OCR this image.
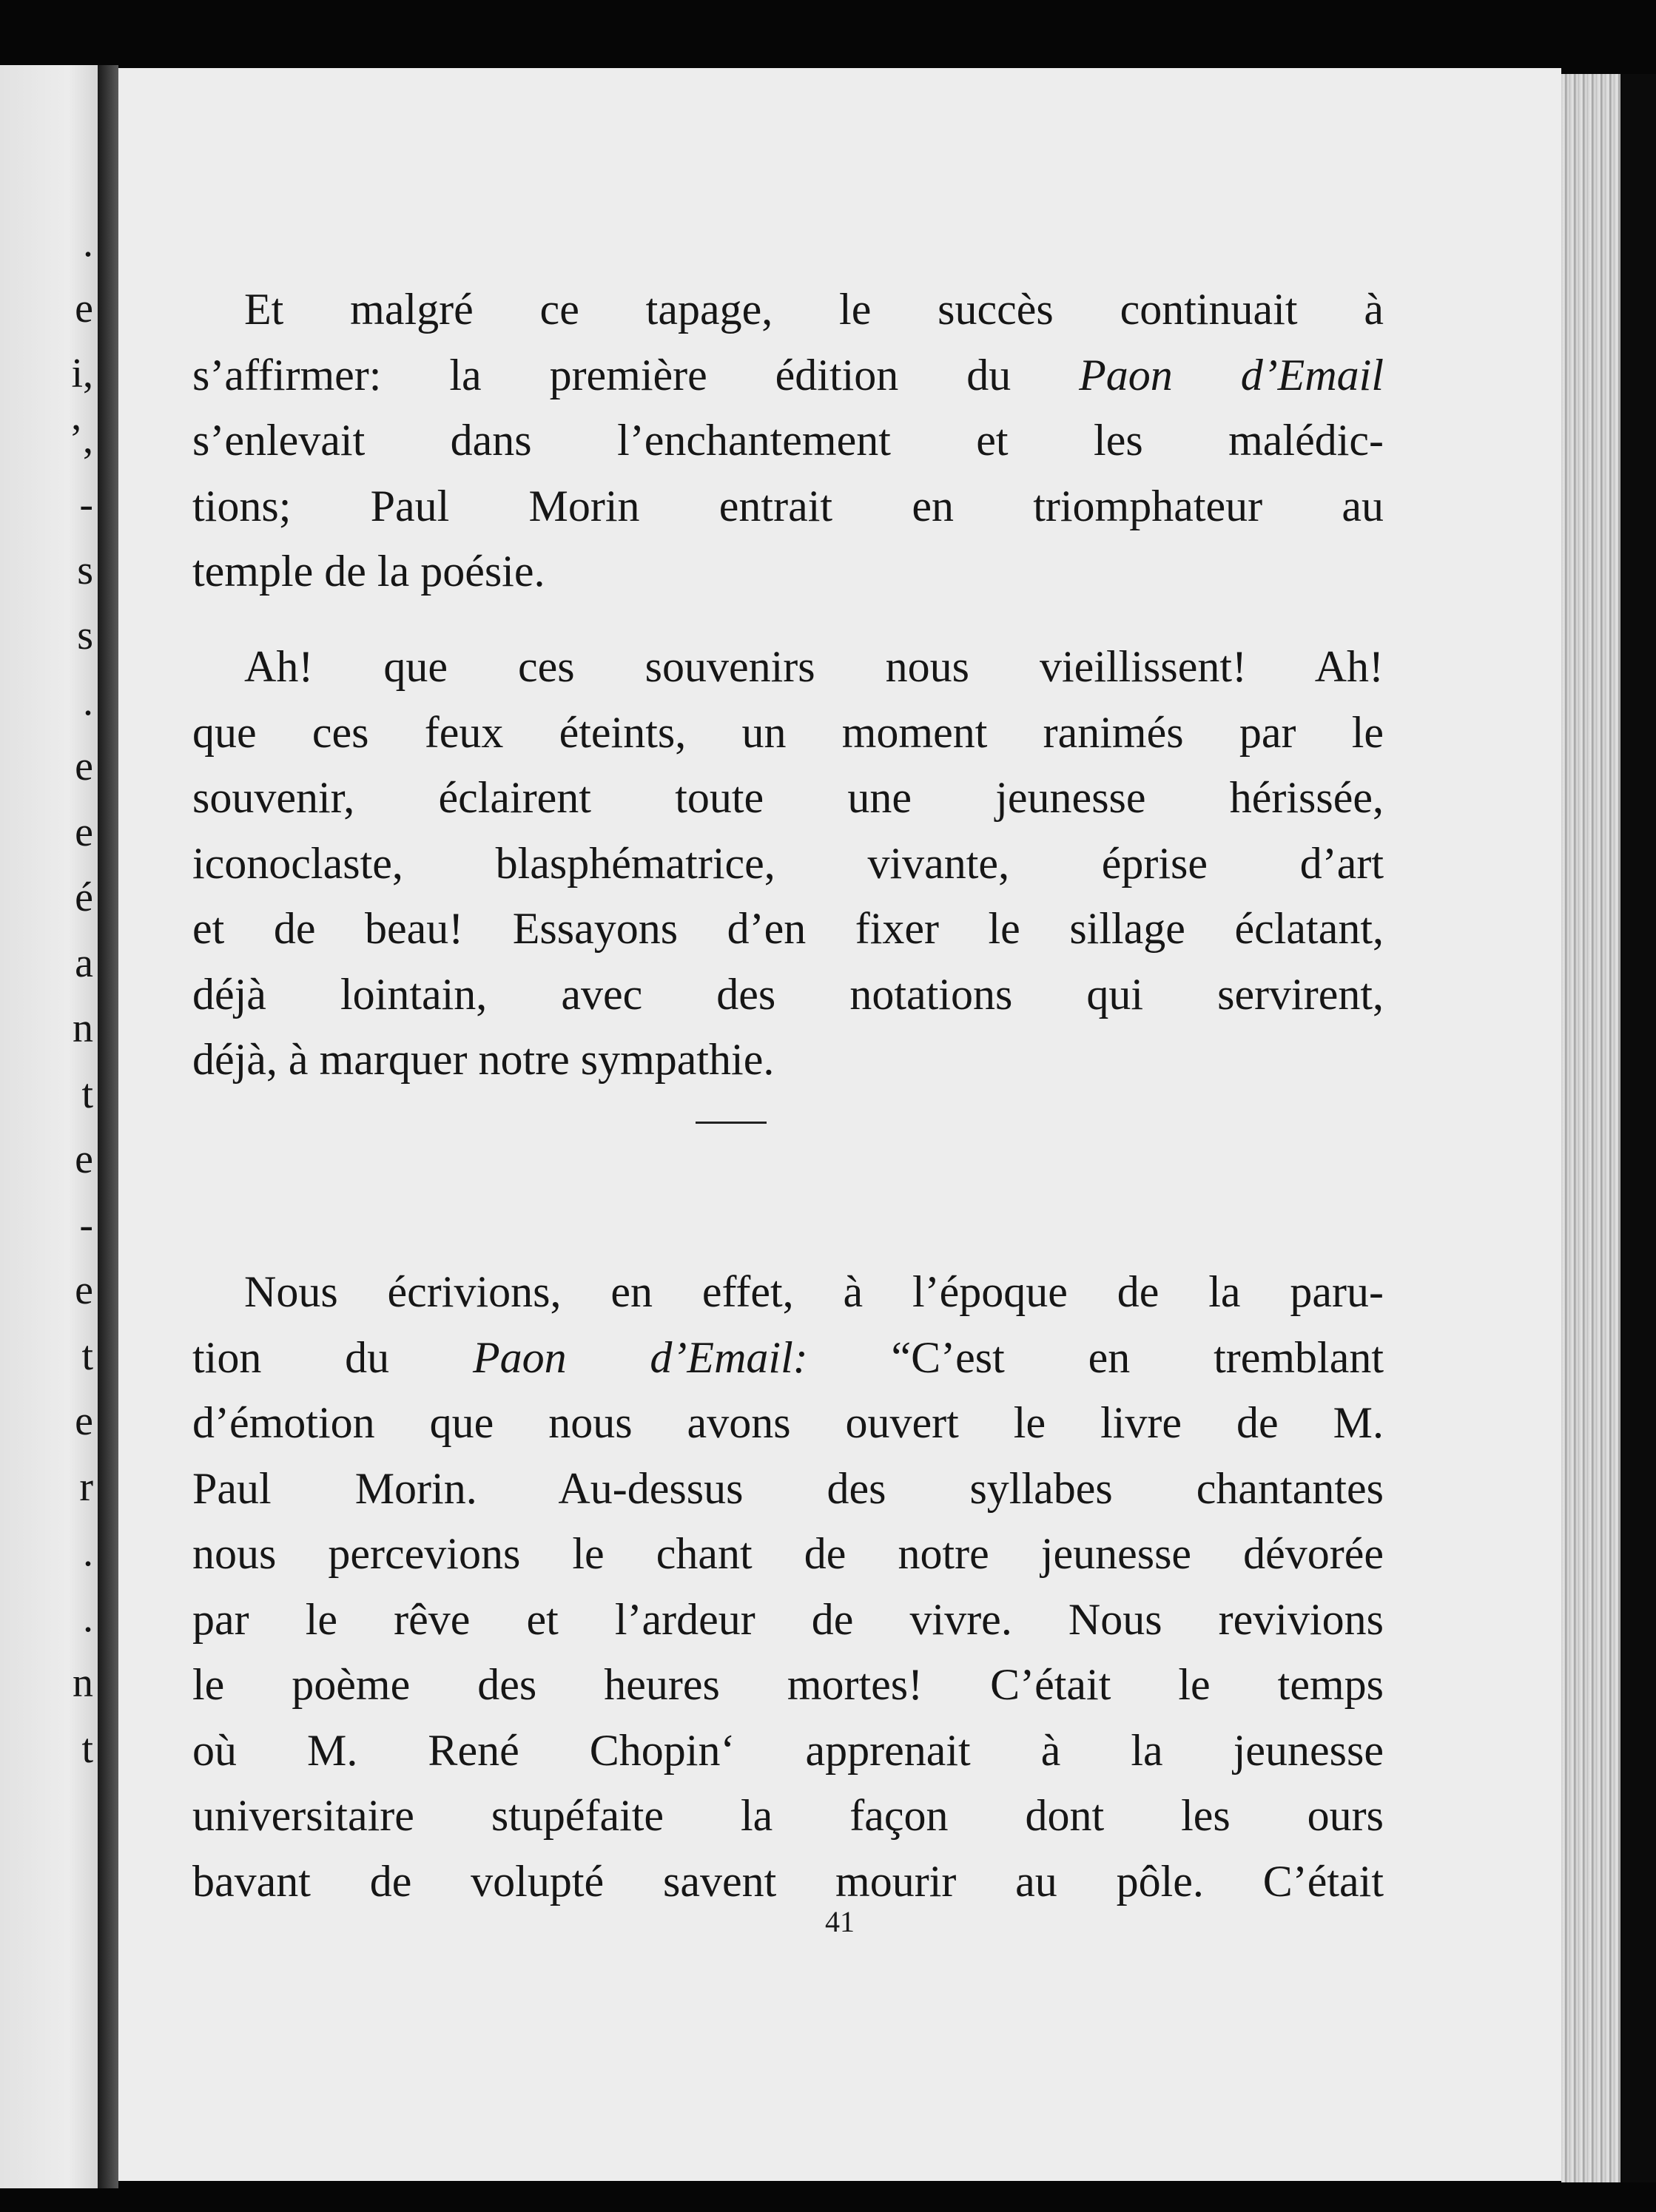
.
e
i,
’,
-
s
s
.
e
e
é
a
n
t
e
-
e
t
e
r
.
.
n
t
Et malgré ce tapage, le succès continuait à
s’affirmer: la première édition du Paon d’Email
s’enlevait dans l’enchantement et les malédic-
tions; Paul Morin entrait en triomphateur au
temple de la poésie.
Ah! que ces souvenirs nous vieillissent! Ah!
que ces feux éteints, un moment ranimés par le
souvenir, éclairent toute une jeunesse hérissée,
iconoclaste, blasphématrice, vivante, éprise d’art
et de beau! Essayons d’en fixer le sillage éclatant,
déjà lointain, avec des notations qui servirent,
déjà, à marquer notre sympathie.
Nous écrivions, en effet, à l’époque de la paru-
tion du Paon d’Email: “C’est en tremblant
d’émotion que nous avons ouvert le livre de M.
Paul Morin. Au-dessus des syllabes chantantes
nous percevions le chant de notre jeunesse dévorée
par le rêve et l’ardeur de vivre. Nous revivions
le poème des heures mortes! C’était le temps
où M. René Chopin‘ apprenait à la jeunesse
universitaire stupéfaite la façon dont les ours
bavant de volupté savent mourir au pôle. C’était
41
